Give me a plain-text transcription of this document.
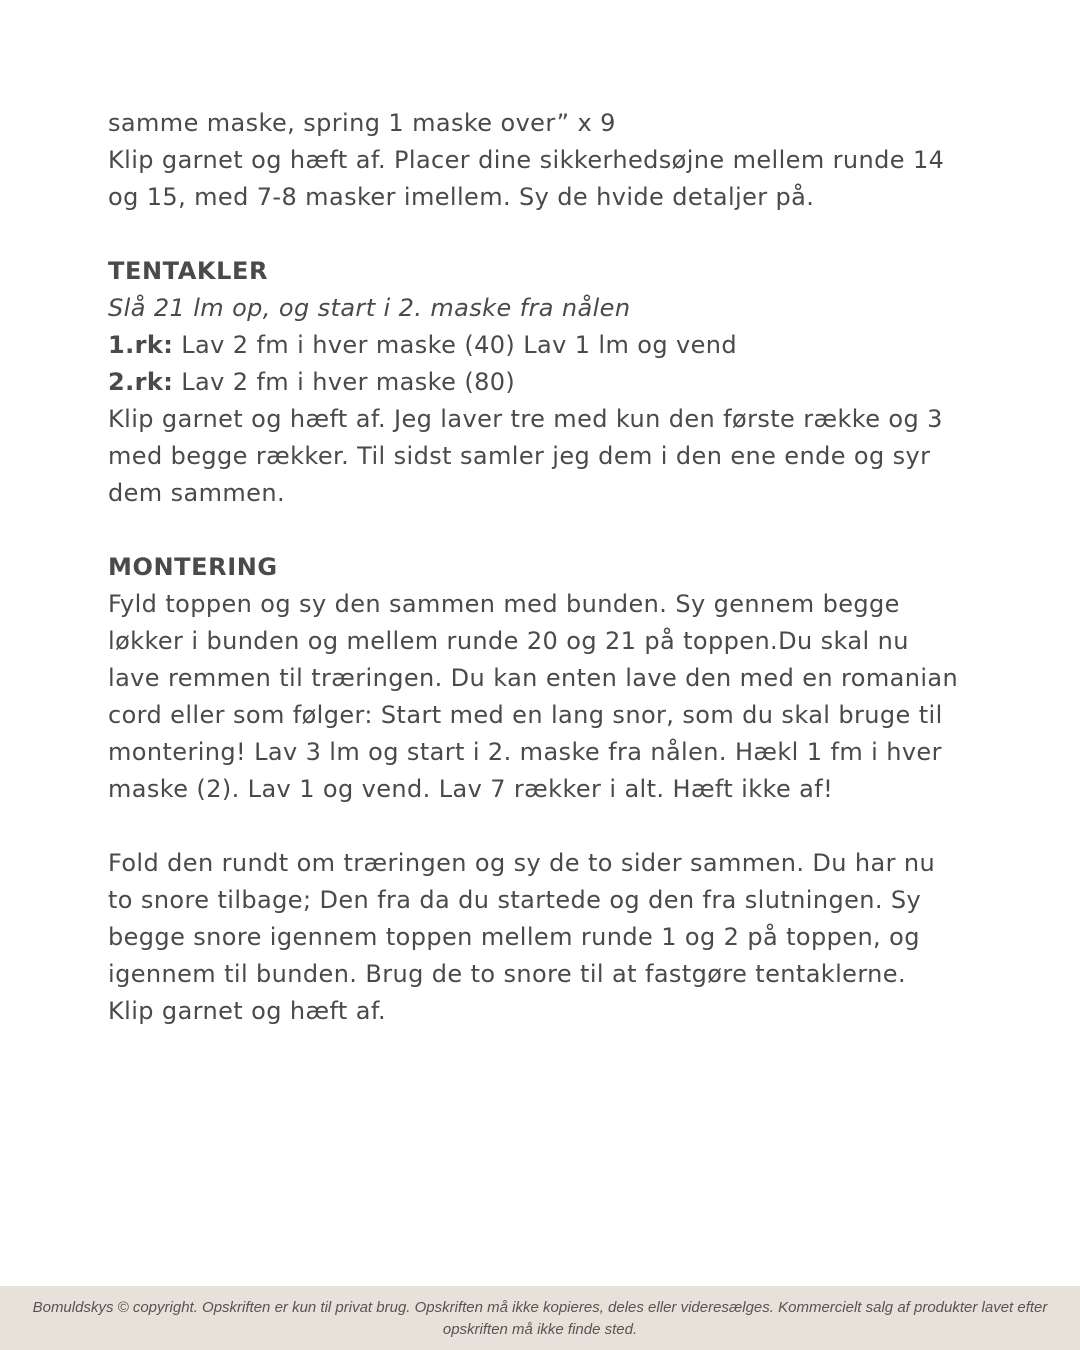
samme maske, spring 1 maske over” x 9

Klip garnet og hæft af. Placer dine sikkerhedsøjne mellem runde 14

og 15, med 7-8 masker imellem. Sy de hvide detaljer på.

TENTAKLER

Slå 21 lm op, og start i 2. maske fra nålen

1.rk: Lav 2 fm i hver maske (40) Lav 1 lm og vend

2.rk: Lav 2 fm i hver maske (80)

Klip garnet og hæft af. Jeg laver tre med kun den første række og 3

med begge rækker. Til sidst samler jeg dem i den ene ende og syr

dem sammen.

MONTERING

Fyld toppen og sy den sammen med bunden. Sy gennem begge

løkker i bunden og mellem runde 20 og 21 på toppen.Du skal nu

lave remmen til træringen. Du kan enten lave den med en romanian

cord eller som følger: Start med en lang snor, som du skal bruge til

montering! Lav 3 lm og start i 2. maske fra nålen. Hækl 1 fm i hver

maske (2). Lav 1 og vend. Lav 7 rækker i alt. Hæft ikke af!

Fold den rundt om træringen og sy de to sider sammen. Du har nu

to snore tilbage; Den fra da du startede og den fra slutningen. Sy

begge snore igennem toppen mellem runde 1 og 2 på toppen, og

igennem til bunden. Brug de to snore til at fastgøre tentaklerne.

Klip garnet og hæft af.

Bomuldskys © copyright. Opskriften er kun til privat brug. Opskriften må ikke kopieres, deles eller videresælges. Kommercielt salg af produkter lavet efter opskriften må ikke finde sted.
